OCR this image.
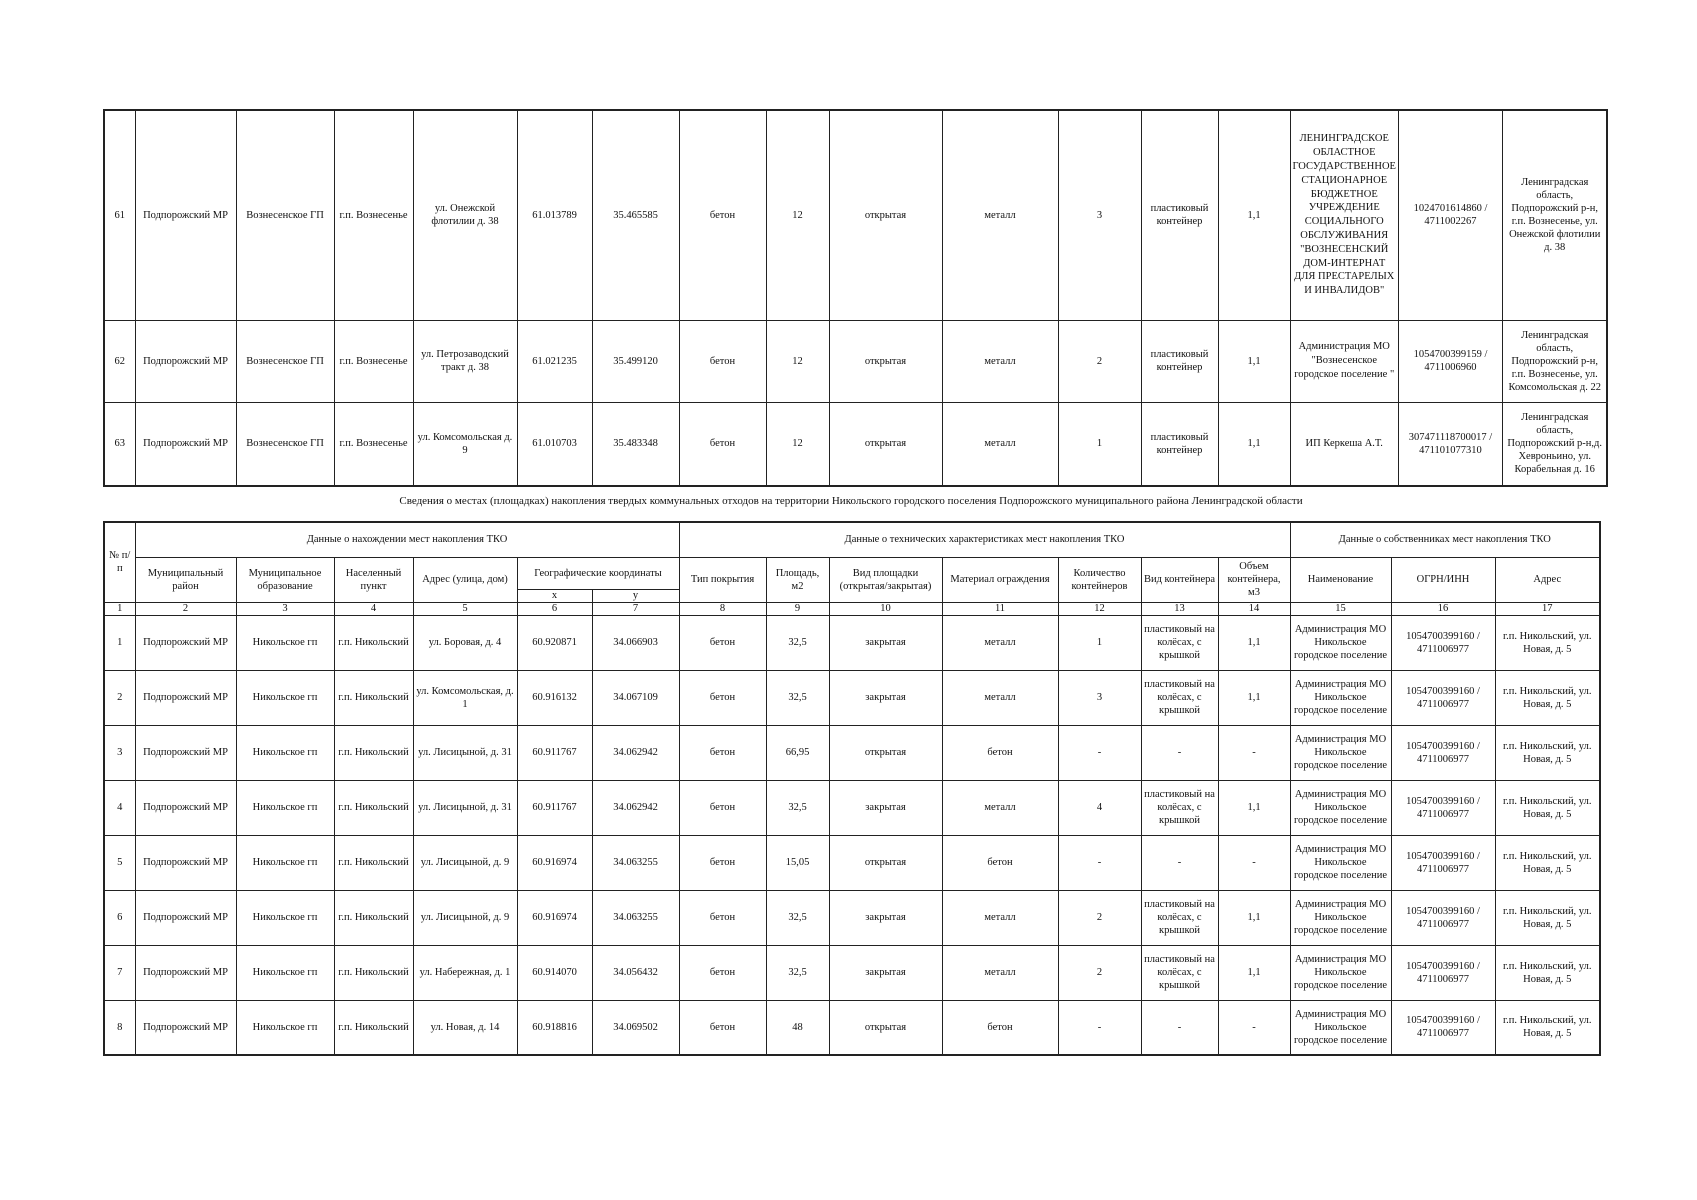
61	Подпорожский МР	Вознесенское ГП	г.п. Вознесенье	ул. Онежской флотилии д. 38	61.013789	35.465585	бетон	12	открытая	металл	3	пластиковый контейнер	1,1	ЛЕНИНГРАДСКОЕ ОБЛАСТНОЕ ГОСУДАРСТВЕННОЕ СТАЦИОНАРНОЕ БЮДЖЕТНОЕ УЧРЕЖДЕНИЕ СОЦИАЛЬНОГО ОБСЛУЖИВАНИЯ "ВОЗНЕСЕНСКИЙ ДОМ-ИНТЕРНАТ ДЛЯ ПРЕСТАРЕЛЫХ И ИНВАЛИДОВ"	1024701614860 / 4711002267	Ленинградская область, Подпорожский р-н, г.п. Вознесенье, ул. Онежской флотилии д. 38
62	Подпорожский МР	Вознесенское ГП	г.п. Вознесенье	ул. Петрозаводский тракт д. 38	61.021235	35.499120	бетон	12	открытая	металл	2	пластиковый контейнер	1,1	Администрация МО "Вознесенское городское поселение "	1054700399159 / 4711006960	Ленинградская область, Подпорожский р-н, г.п. Вознесенье, ул. Комсомольская д. 22
63	Подпорожский МР	Вознесенское ГП	г.п. Вознесенье	ул. Комсомольская д. 9	61.010703	35.483348	бетон	12	открытая	металл	1	пластиковый контейнер	1,1	ИП Керкеша А.Т.	307471118700017 / 471101077310	Ленинградская область, Подпорожский р-н,д. Хевроньино, ул. Корабельная д. 16
Сведения о местах (площадках) накопления твердых коммунальных отходов на территории Никольского городского поселения Подпорожского муниципального района Ленинградской области
№ п/п	Данные о нахождении мест накопления ТКО						Данные о технических характеристиках мест накопления ТКО							Данные о собственниках мест накопления ТКО		
	Муниципальный район	Муниципальное образование	Населенный пункт	Адрес (улица, дом)	Географические координаты		Тип покрытия	Площадь, м2	Вид площадки (открытая/закрытая)	Материал ограждения	Количество контейнеров	Вид контейнера	Объем контейнера, м3	Наименование	ОГРН/ИНН	Адрес
					x	y										
1	2	3	4	5	6	7	8	9	10	11	12	13	14	15	16	17
1	Подпорожский МР	Никольское гп	г.п. Никольский	ул. Боровая, д. 4	60.920871	34.066903	бетон	32,5	закрытая	металл	1	пластиковый на колёсах, с крышкой	1,1	Администрация МО Никольское городское поселение	1054700399160 / 4711006977	г.п. Никольский, ул. Новая, д. 5
2	Подпорожский МР	Никольское гп	г.п. Никольский	ул. Комсомольская, д. 1	60.916132	34.067109	бетон	32,5	закрытая	металл	3	пластиковый на колёсах, с крышкой	1,1	Администрация МО Никольское городское поселение	1054700399160 / 4711006977	г.п. Никольский, ул. Новая, д. 5
3	Подпорожский МР	Никольское гп	г.п. Никольский	ул. Лисицыной, д. 31	60.911767	34.062942	бетон	66,95	открытая	бетон	-	-	-	Администрация МО Никольское городское поселение	1054700399160 / 4711006977	г.п. Никольский, ул. Новая, д. 5
4	Подпорожский МР	Никольское гп	г.п. Никольский	ул. Лисицыной, д. 31	60.911767	34.062942	бетон	32,5	закрытая	металл	4	пластиковый на колёсах, с крышкой	1,1	Администрация МО Никольское городское поселение	1054700399160 / 4711006977	г.п. Никольский, ул. Новая, д. 5
5	Подпорожский МР	Никольское гп	г.п. Никольский	ул. Лисицыной, д. 9	60.916974	34.063255	бетон	15,05	открытая	бетон	-	-	-	Администрация МО Никольское городское поселение	1054700399160 / 4711006977	г.п. Никольский, ул. Новая, д. 5
6	Подпорожский МР	Никольское гп	г.п. Никольский	ул. Лисицыной, д. 9	60.916974	34.063255	бетон	32,5	закрытая	металл	2	пластиковый на колёсах, с крышкой	1,1	Администрация МО Никольское городское поселение	1054700399160 / 4711006977	г.п. Никольский, ул. Новая, д. 5
7	Подпорожский МР	Никольское гп	г.п. Никольский	ул. Набережная, д. 1	60.914070	34.056432	бетон	32,5	закрытая	металл	2	пластиковый на колёсах, с крышкой	1,1	Администрация МО Никольское городское поселение	1054700399160 / 4711006977	г.п. Никольский, ул. Новая, д. 5
8	Подпорожский МР	Никольское гп	г.п. Никольский	ул. Новая, д. 14	60.918816	34.069502	бетон	48	открытая	бетон	-	-	-	Администрация МО Никольское городское поселение	1054700399160 / 4711006977	г.п. Никольский, ул. Новая, д. 5
